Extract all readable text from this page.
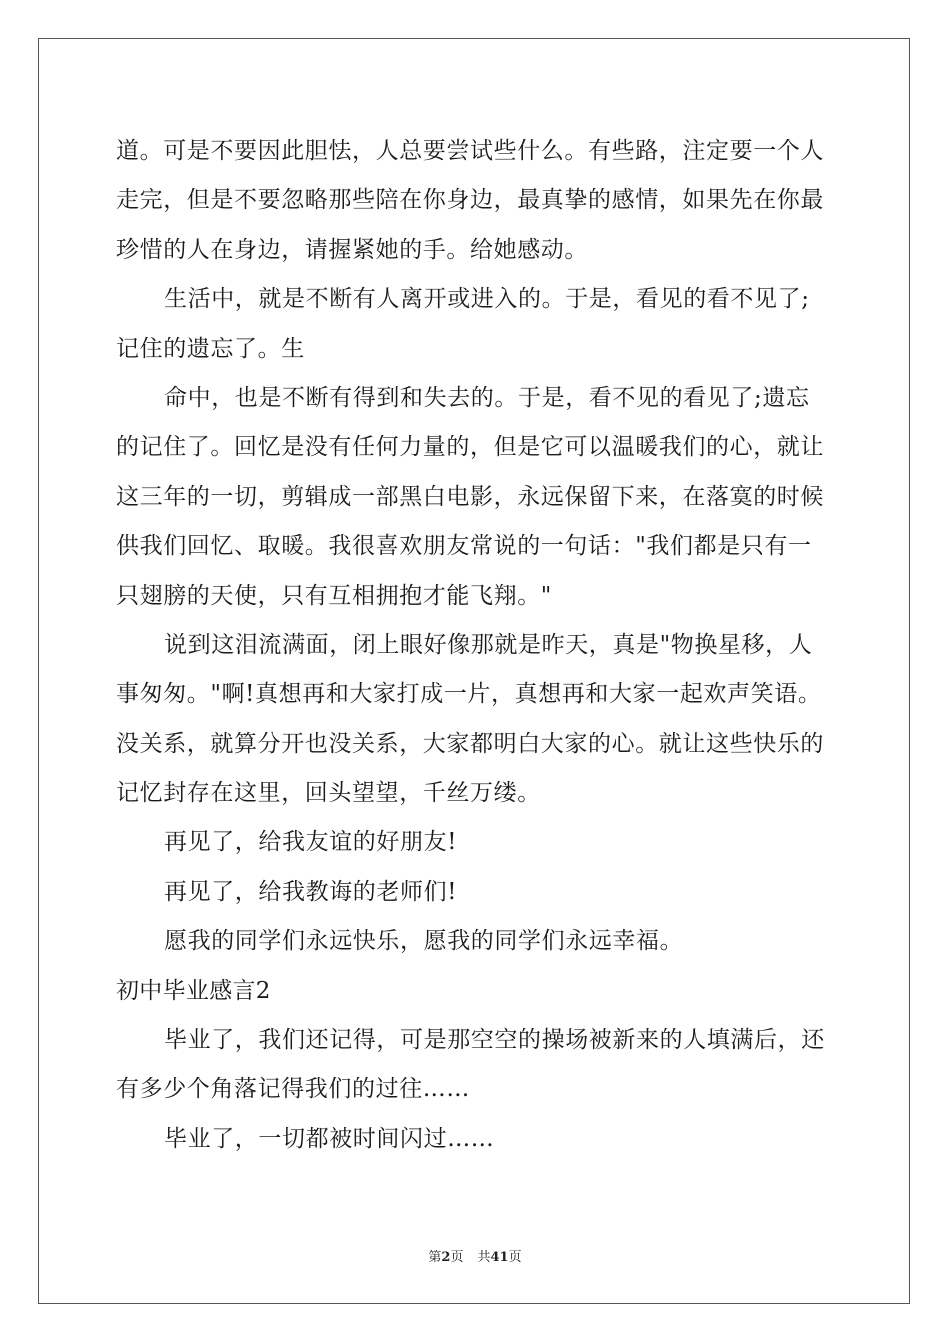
道。可是不要因此胆怯，人总要尝试些什么。有些路，注定要一个人
走完，但是不要忽略那些陪在你身边，最真挚的感情，如果先在你最
珍惜的人在身边，请握紧她的手。给她感动。
生活中，就是不断有人离开或进入的。于是，看见的看不见了;
记住的遗忘了。生
命中，也是不断有得到和失去的。于是，看不见的看见了;遗忘
的记住了。回忆是没有任何力量的，但是它可以温暖我们的心，就让
这三年的一切，剪辑成一部黑白电影，永远保留下来，在落寞的时候
供我们回忆、取暖。我很喜欢朋友常说的一句话："我们都是只有一
只翅膀的天使，只有互相拥抱才能飞翔。"
说到这泪流满面，闭上眼好像那就是昨天，真是"物换星移，人
事匆匆。"啊!真想再和大家打成一片，真想再和大家一起欢声笑语。
没关系，就算分开也没关系，大家都明白大家的心。就让这些快乐的
记忆封存在这里，回头望望，千丝万缕。
再见了，给我友谊的好朋友!
再见了，给我教诲的老师们!
愿我的同学们永远快乐，愿我的同学们永远幸福。
初中毕业感言2
毕业了，我们还记得，可是那空空的操场被新来的人填满后，还
有多少个角落记得我们的过往……
毕业了，一切都被时间闪过……
第2页 共41页
